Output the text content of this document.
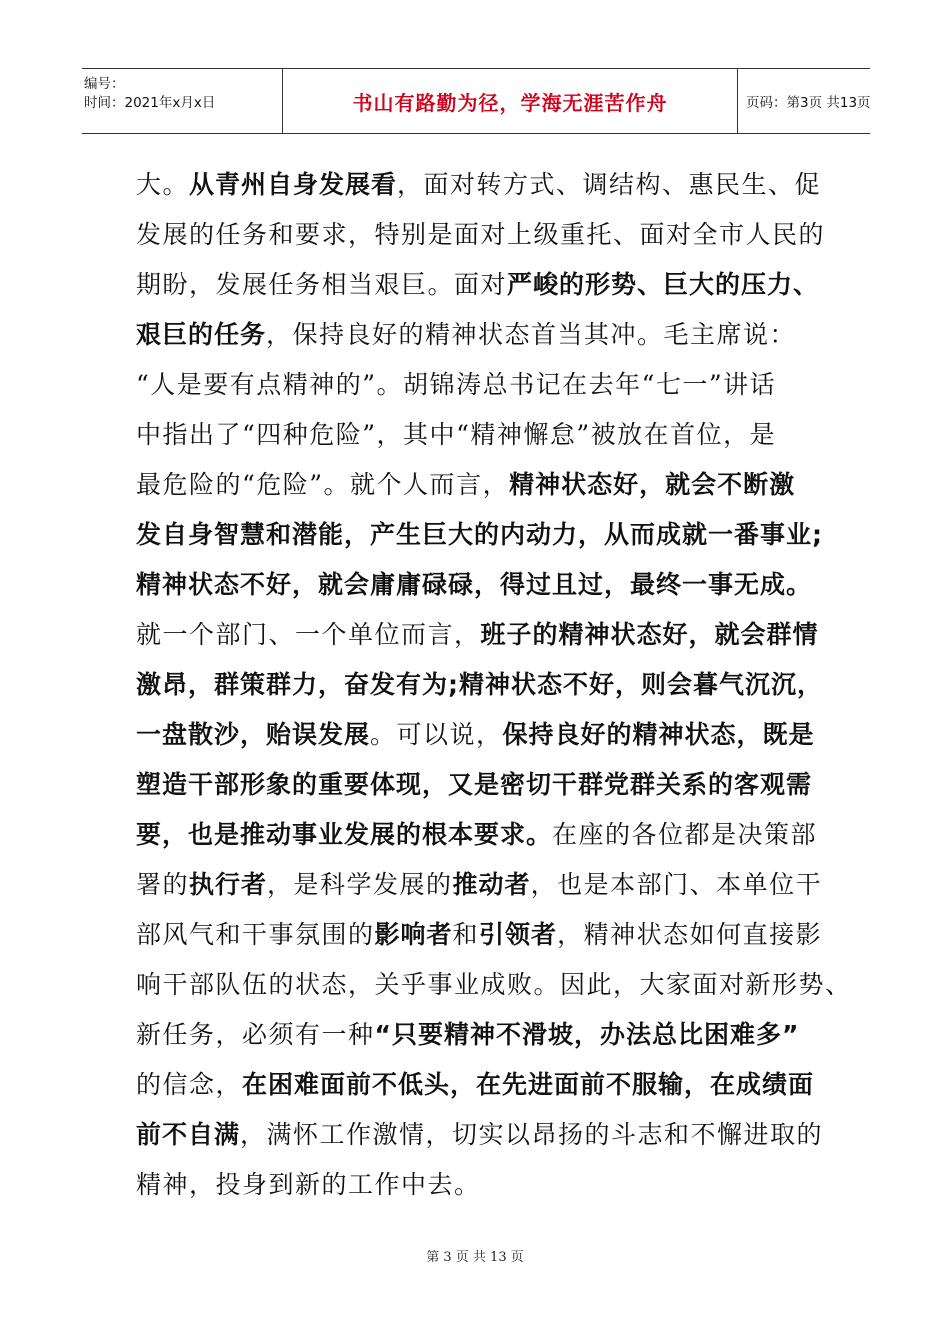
编号：
时间：2021年x月x日	书山有路勤为径，学海无涯苦作舟	页码：第3页 共13页
大。从青州自身发展看，面对转方式、调结构、惠民生、促
发展的任务和要求，特别是面对上级重托、面对全市人民的
期盼，发展任务相当艰巨。面对严峻的形势、巨大的压力、
艰巨的任务，保持良好的精神状态首当其冲。毛主席说：
“人是要有点精神的”。胡锦涛总书记在去年“七一”讲话
中指出了“四种危险”，其中“精神懈怠”被放在首位，是
最危险的“危险”。就个人而言，精神状态好，就会不断激
发自身智慧和潜能，产生巨大的内动力，从而成就一番事业;
精神状态不好，就会庸庸碌碌，得过且过，最终一事无成。
就一个部门、一个单位而言，班子的精神状态好，就会群情
激昂，群策群力，奋发有为;精神状态不好，则会暮气沉沉，
一盘散沙，贻误发展。可以说，保持良好的精神状态，既是
塑造干部形象的重要体现，又是密切干群党群关系的客观需
要，也是推动事业发展的根本要求。在座的各位都是决策部
署的执行者，是科学发展的推动者，也是本部门、本单位干
部风气和干事氛围的影响者和引领者，精神状态如何直接影
响干部队伍的状态，关乎事业成败。因此，大家面对新形势、
新任务，必须有一种“只要精神不滑坡，办法总比困难多”
的信念，在困难面前不低头，在先进面前不服输，在成绩面
前不自满，满怀工作激情，切实以昂扬的斗志和不懈进取的
精神，投身到新的工作中去。
第 3 页 共 13 页
